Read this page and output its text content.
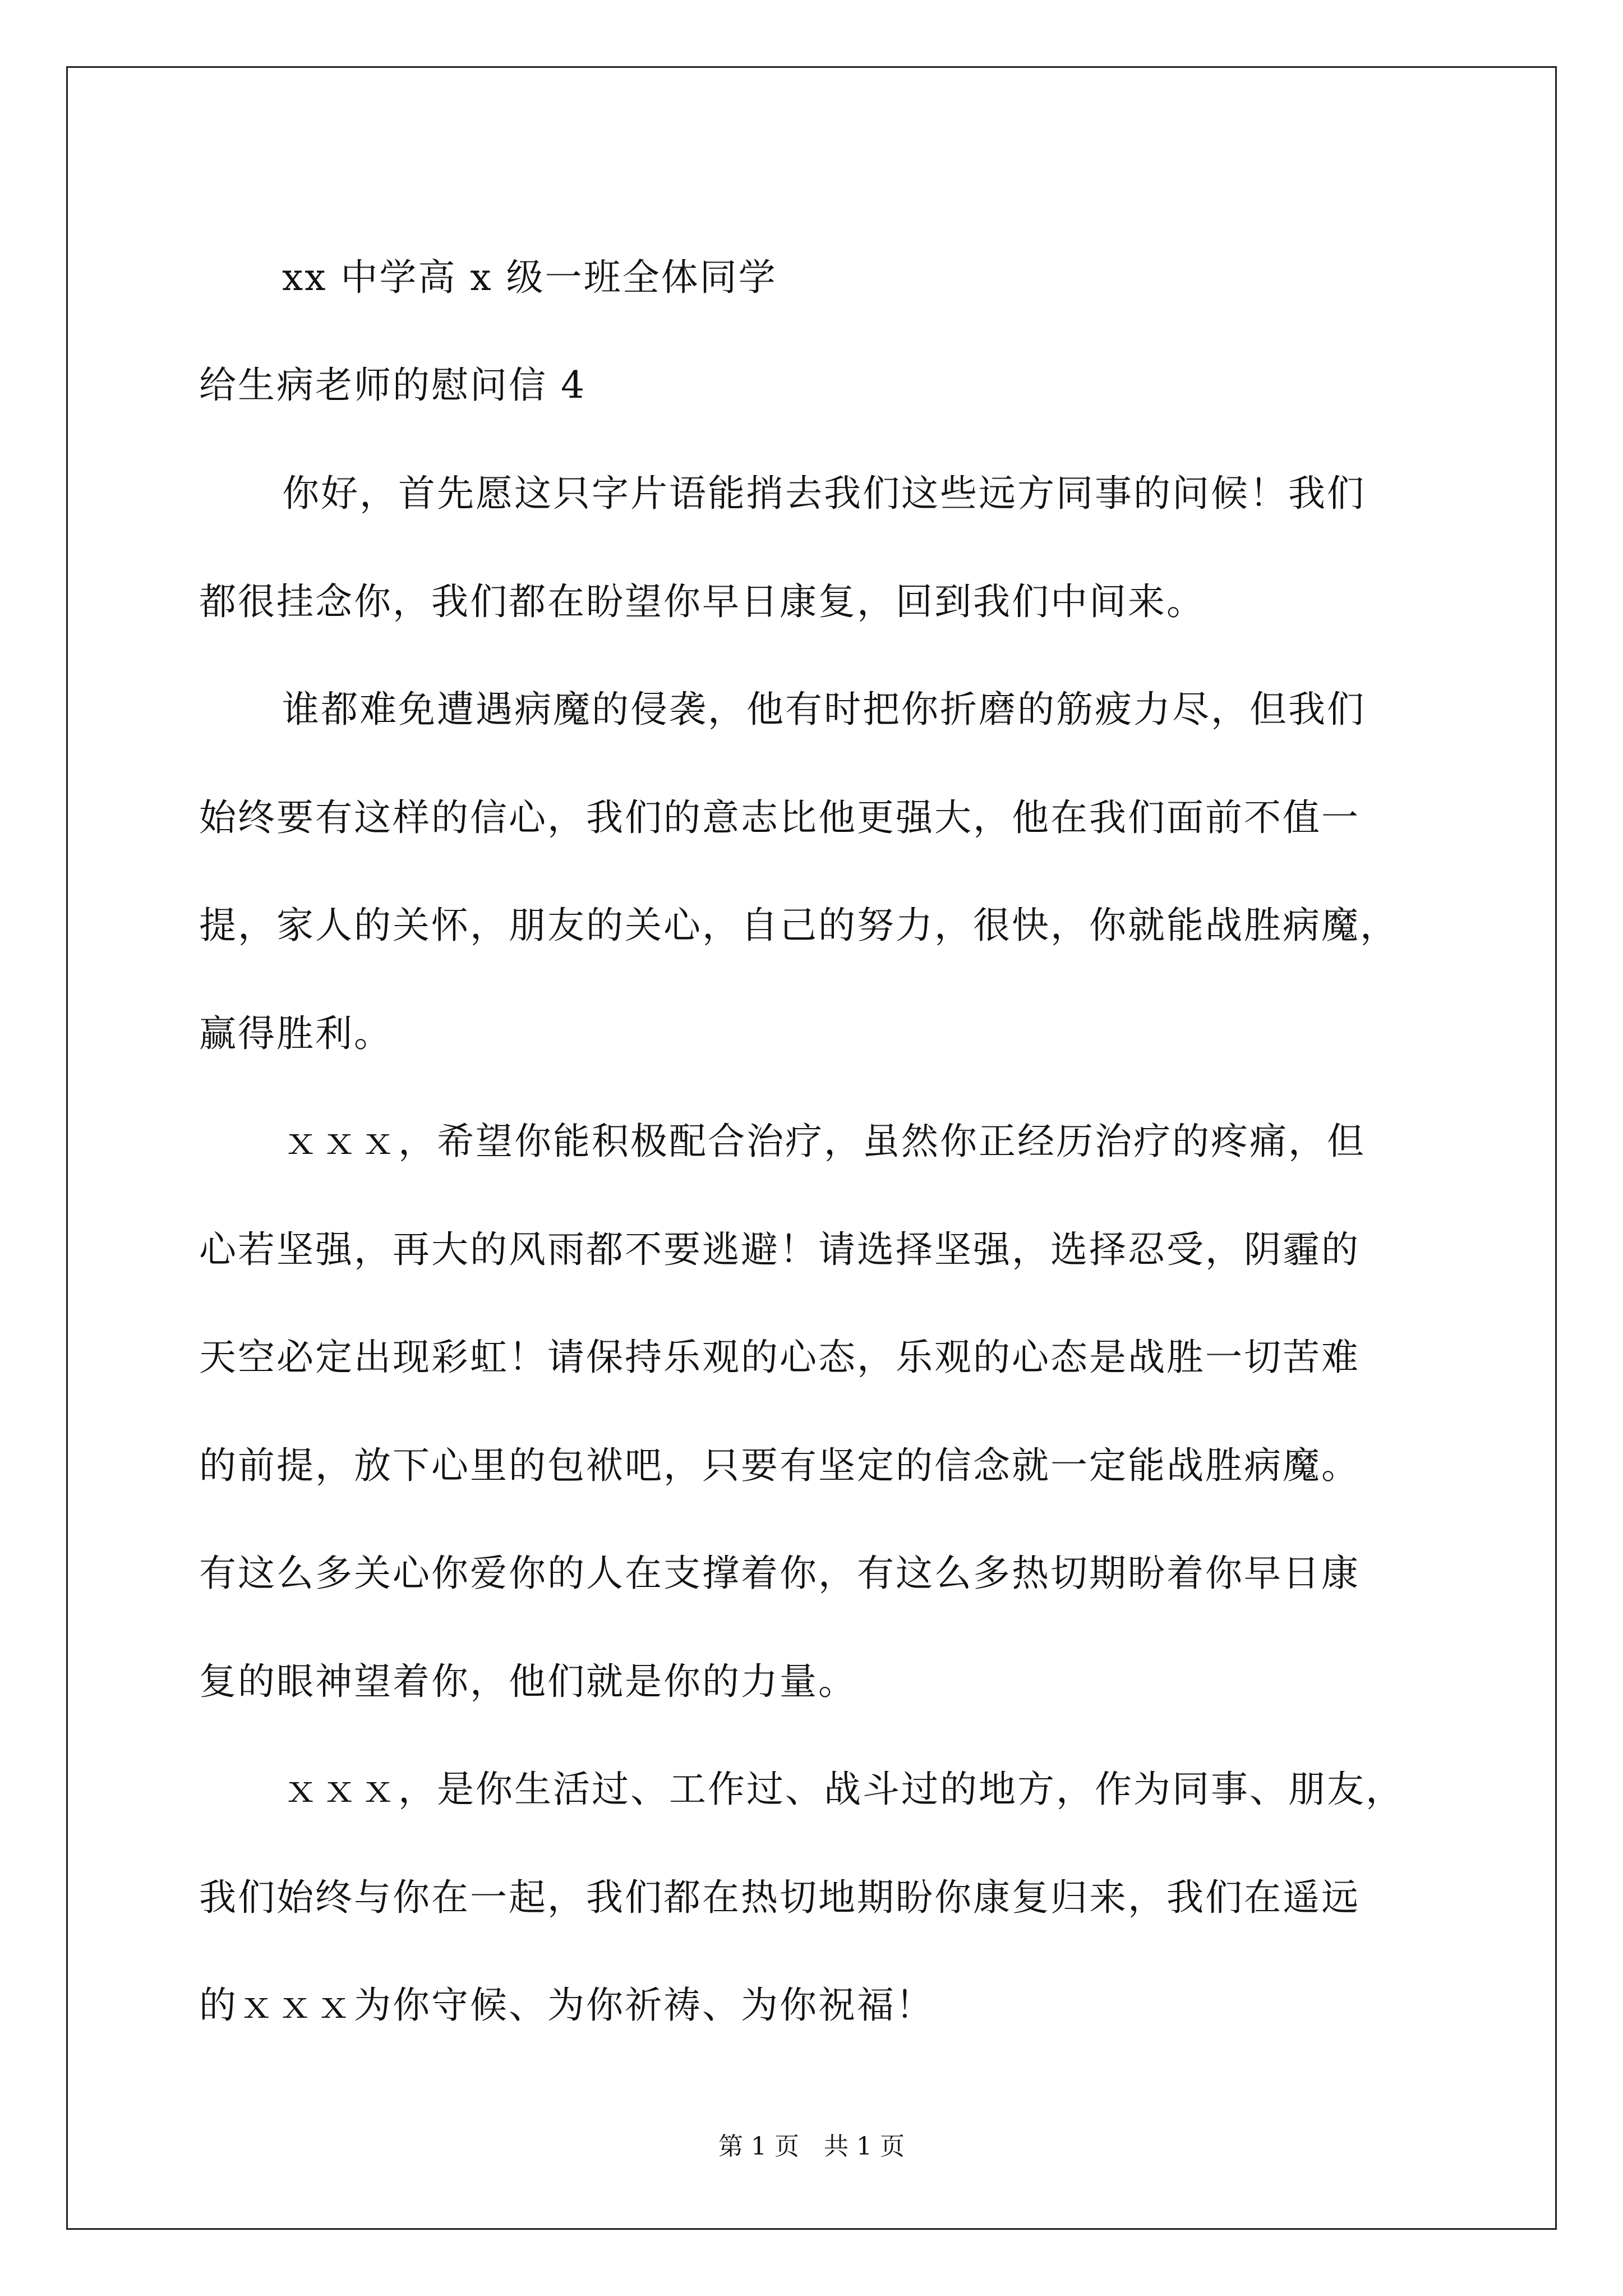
xx 中学高 x 级一班全体同学
给生病老师的慰问信 4
你好，首先愿这只字片语能捎去我们这些远方同事的问候！我们
都很挂念你，我们都在盼望你早日康复，回到我们中间来。
谁都难免遭遇病魔的侵袭，他有时把你折磨的筋疲力尽，但我们
始终要有这样的信心，我们的意志比他更强大，他在我们面前不值一
提，家人的关怀，朋友的关心，自己的努力，很快，你就能战胜病魔，
赢得胜利。
ｘｘｘ，希望你能积极配合治疗，虽然你正经历治疗的疼痛，但
心若坚强，再大的风雨都不要逃避！请选择坚强，选择忍受，阴霾的
天空必定出现彩虹！请保持乐观的心态，乐观的心态是战胜一切苦难
的前提，放下心里的包袱吧，只要有坚定的信念就一定能战胜病魔。
有这么多关心你爱你的人在支撑着你，有这么多热切期盼着你早日康
复的眼神望着你，他们就是你的力量。
ｘｘｘ，是你生活过、工作过、战斗过的地方，作为同事、朋友，
我们始终与你在一起，我们都在热切地期盼你康复归来，我们在遥远
的ｘｘｘ为你守候、为你祈祷、为你祝福！
第 1 页　共 1 页
